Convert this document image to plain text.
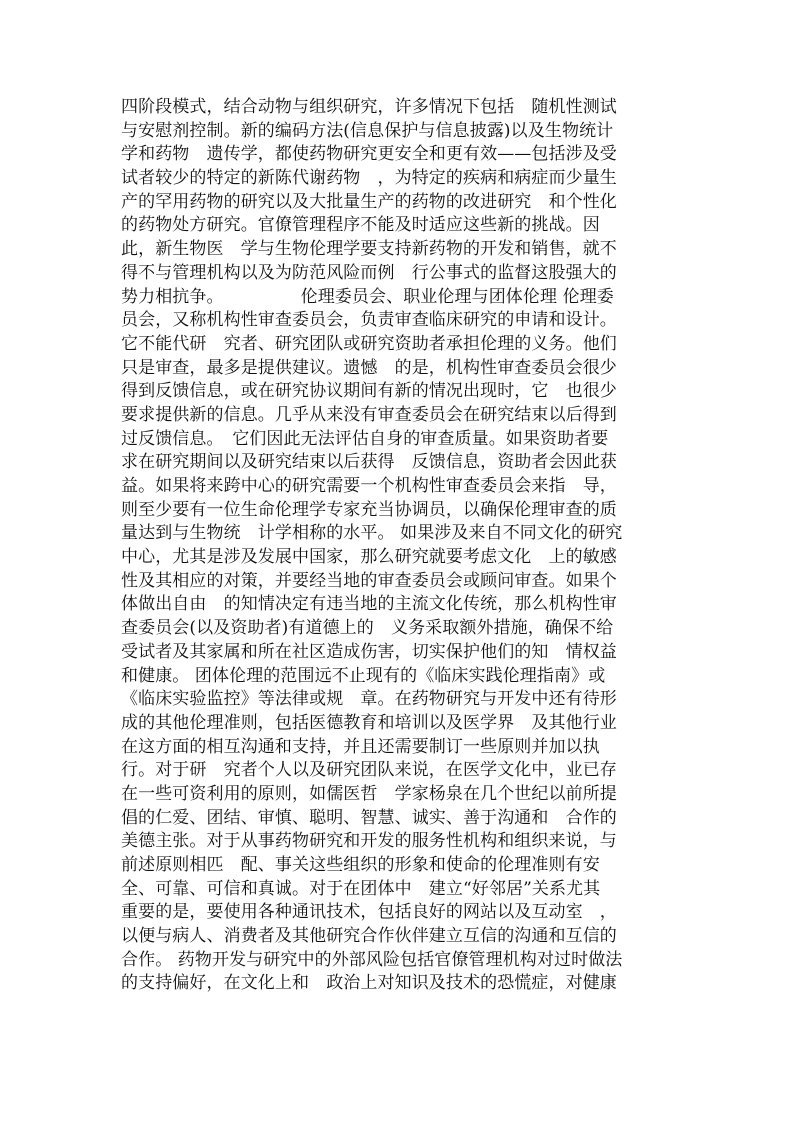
四阶段模式，结合动物与组织研究，许多情况下包括　随机性测试
与安慰剂控制。新的编码方法(信息保护与信息披露)以及生物统计
学和药物　遗传学，都使药物研究更安全和更有效——包括涉及受
试者较少的特定的新陈代谢药物　，为特定的疾病和病症而少量生
产的罕用药物的研究以及大批量生产的药物的改进研究　和个性化
的药物处方研究。官僚管理程序不能及时适应这些新的挑战。因
此，新生物医　学与生物伦理学要支持新药物的开发和销售，就不
得不与管理机构以及为防范风险而例　行公事式的监督这股强大的
势力相抗争。　　　　　伦理委员会、职业伦理与团体伦理 伦理委
员会，又称机构性审查委员会，负责审查临床研究的申请和设计。
它不能代研　究者、研究团队或研究资助者承担伦理的义务。他们
只是审查，最多是提供建议。遗憾　的是，机构性审查委员会很少
得到反馈信息，或在研究协议期间有新的情况出现时，它　也很少
要求提供新的信息。几乎从来没有审查委员会在研究结束以后得到
过反馈信息。　它们因此无法评估自身的审查质量。如果资助者要
求在研究期间以及研究结束以后获得　反馈信息，资助者会因此获
益。如果将来跨中心的研究需要一个机构性审查委员会来指　导，
则至少要有一位生命伦理学专家充当协调员，以确保伦理审查的质
量达到与生物统　计学相称的水平。 如果涉及来自不同文化的研究
中心，尤其是涉及发展中国家，那么研究就要考虑文化　上的敏感
性及其相应的对策，并要经当地的审查委员会或顾问审查。如果个
体做出自由　的知情决定有违当地的主流文化传统，那么机构性审
查委员会(以及资助者)有道德上的　义务采取额外措施，确保不给
受试者及其家属和所在社区造成伤害，切实保护他们的知　情权益
和健康。 团体伦理的范围远不止现有的《临床实践伦理指南》或
《临床实验监控》等法律或规　章。在药物研究与开发中还有待形
成的其他伦理准则，包括医德教育和培训以及医学界　及其他行业
在这方面的相互沟通和支持，并且还需要制订一些原则并加以执
行。对于研　究者个人以及研究团队来说，在医学文化中，业已存
在一些可资利用的原则，如儒医哲　学家杨泉在几个世纪以前所提
倡的仁爱、团结、审慎、聪明、智慧、诚实、善于沟通和　合作的
美德主张。对于从事药物研究和开发的服务性机构和组织来说，与
前述原则相匹　配、事关这些组织的形象和使命的伦理准则有安
全、可靠、可信和真诚。对于在团体中　建立“好邻居”关系尤其
重要的是，要使用各种通讯技术，包括良好的网站以及互动室　，
以便与病人、消费者及其他研究合作伙伴建立互信的沟通和互信的
合作。 药物开发与研究中的外部风险包括官僚管理机构对过时做法
的支持偏好，在文化上和　政治上对知识及技术的恐慌症，对健康
